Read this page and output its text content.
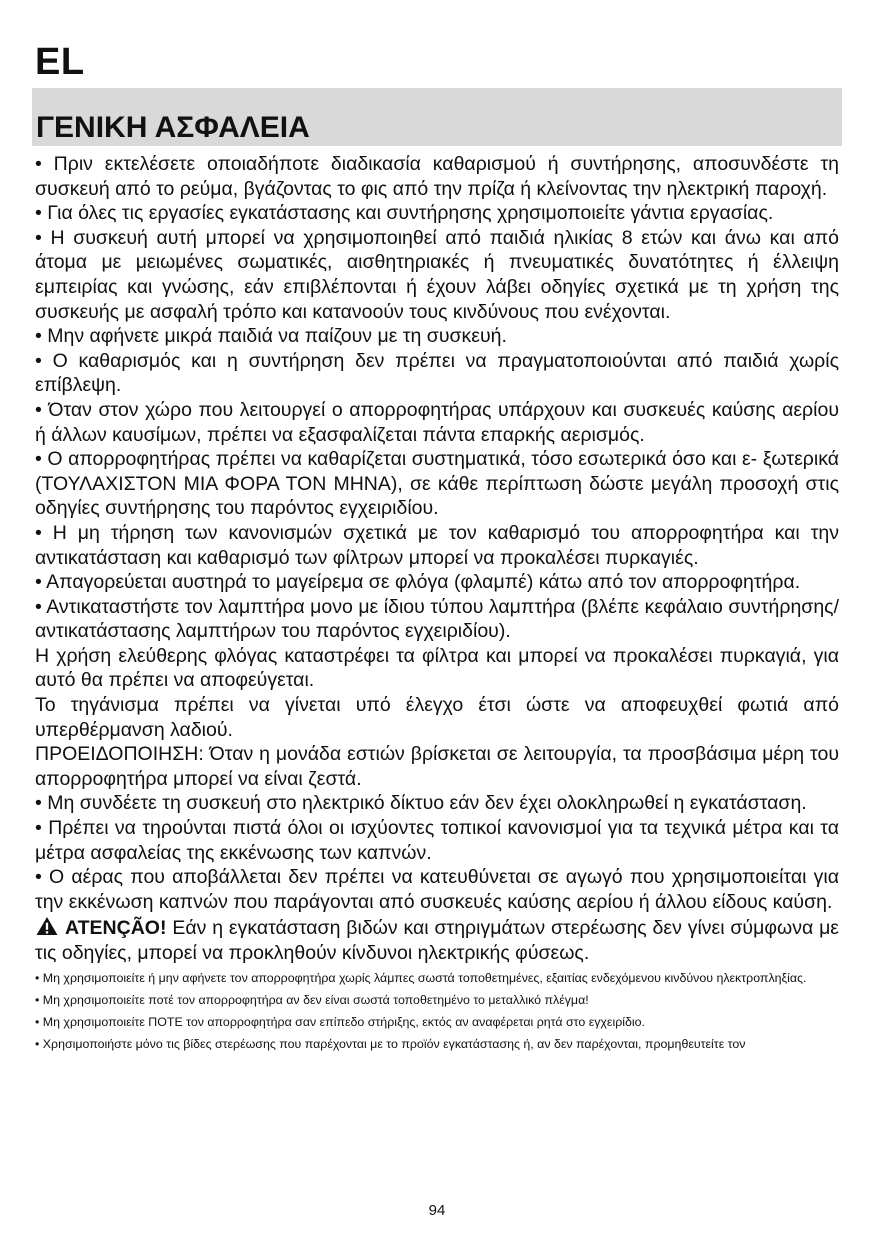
EL
ΓΕΝΙΚΗ ΑΣΦΑΛΕΙΑ

• Πριν εκτελέσετε οποιαδήποτε διαδικασία καθαρισμού ή συντήρησης, αποσυνδέστε τη συσκευή από το ρεύμα, βγάζοντας το φις από την πρίζα ή κλείνοντας την ηλεκτρική παροχή.

• Για όλες τις εργασίες εγκατάστασης και συντήρησης χρησιμοποιείτε γάντια εργασίας.

• Η συσκευή αυτή μπορεί να χρησιμοποιηθεί από παιδιά ηλικίας 8 ετών και άνω και από άτομα με μειωμένες σωματικές, αισθητηριακές ή πνευματικές δυνατότητες ή έλλειψη εμπειρίας και γνώσης, εάν επιβλέπονται ή έχουν λάβει οδηγίες σχετικά με τη χρήση της συσκευής με ασφαλή τρόπο και κατανοούν τους κινδύνους που ενέχονται.

• Μην αφήνετε μικρά παιδιά να παίζουν με τη συσκευή.

• Ο καθαρισμός και η συντήρηση δεν πρέπει να πραγματοποιούνται από παιδιά χωρίς επίβλεψη.

• Όταν στον χώρο που λειτουργεί ο απορροφητήρας υπάρχουν και συσκευές καύσης αερίου ή άλλων καυσίμων, πρέπει να εξασφαλίζεται πάντα επαρκής αερισμός.

• Ο απορροφητήρας πρέπει να καθαρίζεται συστηματικά, τόσο εσωτερικά όσο και ε- ξωτερικά (ΤΟΥΛΑΧΙΣΤΟΝ ΜΙΑ ΦΟΡΑ ΤΟΝ ΜΗΝΑ), σε κάθε περίπτωση δώστε μεγάλη προσοχή στις οδηγίες συντήρησης του παρόντος εγχειριδίου.

• Η μη τήρηση των κανονισμών σχετικά με τον καθαρισμό του απορροφητήρα και την αντικατάσταση και καθαρισμό των φίλτρων μπορεί να προκαλέσει πυρκαγιές.

• Απαγορεύεται αυστηρά το μαγείρεμα σε φλόγα (φλαμπέ) κάτω από τον απορροφητήρα.

• Αντικαταστήστε τον λαμπτήρα μονο με ίδιου τύπου λαμπτήρα (βλέπε κεφάλαιο συντήρησης/αντικατάστασης λαμπτήρων του παρόντος εγχειριδίου).

Η χρήση ελεύθερης φλόγας καταστρέφει τα φίλτρα και μπορεί να προκαλέσει πυρκαγιά, για αυτό θα πρέπει να αποφεύγεται.

Το τηγάνισμα πρέπει να γίνεται υπό έλεγχο έτσι ώστε να αποφευχθεί φωτιά από υπερθέρμανση λαδιού.

ΠΡΟΕΙΔΟΠΟΙΗΣΗ: Όταν η μονάδα εστιών βρίσκεται σε λειτουργία, τα προσβάσιμα μέρη του απορροφητήρα μπορεί να είναι ζεστά.

• Μη συνδέετε τη συσκευή στο ηλεκτρικό δίκτυο εάν δεν έχει ολοκληρωθεί η εγκατάσταση.

• Πρέπει να τηρούνται πιστά όλοι οι ισχύοντες τοπικοί κανονισμοί για τα τεχνικά μέτρα και τα μέτρα ασφαλείας της εκκένωσης των καπνών.

• Ο αέρας που αποβάλλεται δεν πρέπει να κατευθύνεται σε αγωγό που χρησιμοποιείται για την εκκένωση καπνών που παράγονται από συσκευές καύσης αερίου ή άλλου είδους καύση.

ATENÇÃO! Εάν η εγκατάσταση βιδών και στηριγμάτων στερέωσης δεν γίνει σύμφωνα με τις οδηγίες, μπορεί να προκληθούν κίνδυνοι ηλεκτρικής φύσεως.

• Μη χρησιμοποιείτε ή μην αφήνετε τον απορροφητήρα χωρίς λάμπες σωστά τοποθετημένες, εξαιτίας ενδεχόμενου κινδύνου ηλεκτροπληξίας.

• Μη χρησιμοποιείτε ποτέ τον απορροφητήρα αν δεν είναι σωστά τοποθετημένο το μεταλλικό πλέγμα!

• Μη χρησιμοποιείτε ΠΟΤΕ τον απορροφητήρα σαν επίπεδο στήριξης, εκτός αν αναφέρεται ρητά στο εγχειρίδιο.

• Χρησιμοποιήστε μόνο τις βίδες στερέωσης που παρέχονται με το προϊόν εγκατάστασης ή, αν δεν παρέχονται, προμηθευτείτε τον

94
